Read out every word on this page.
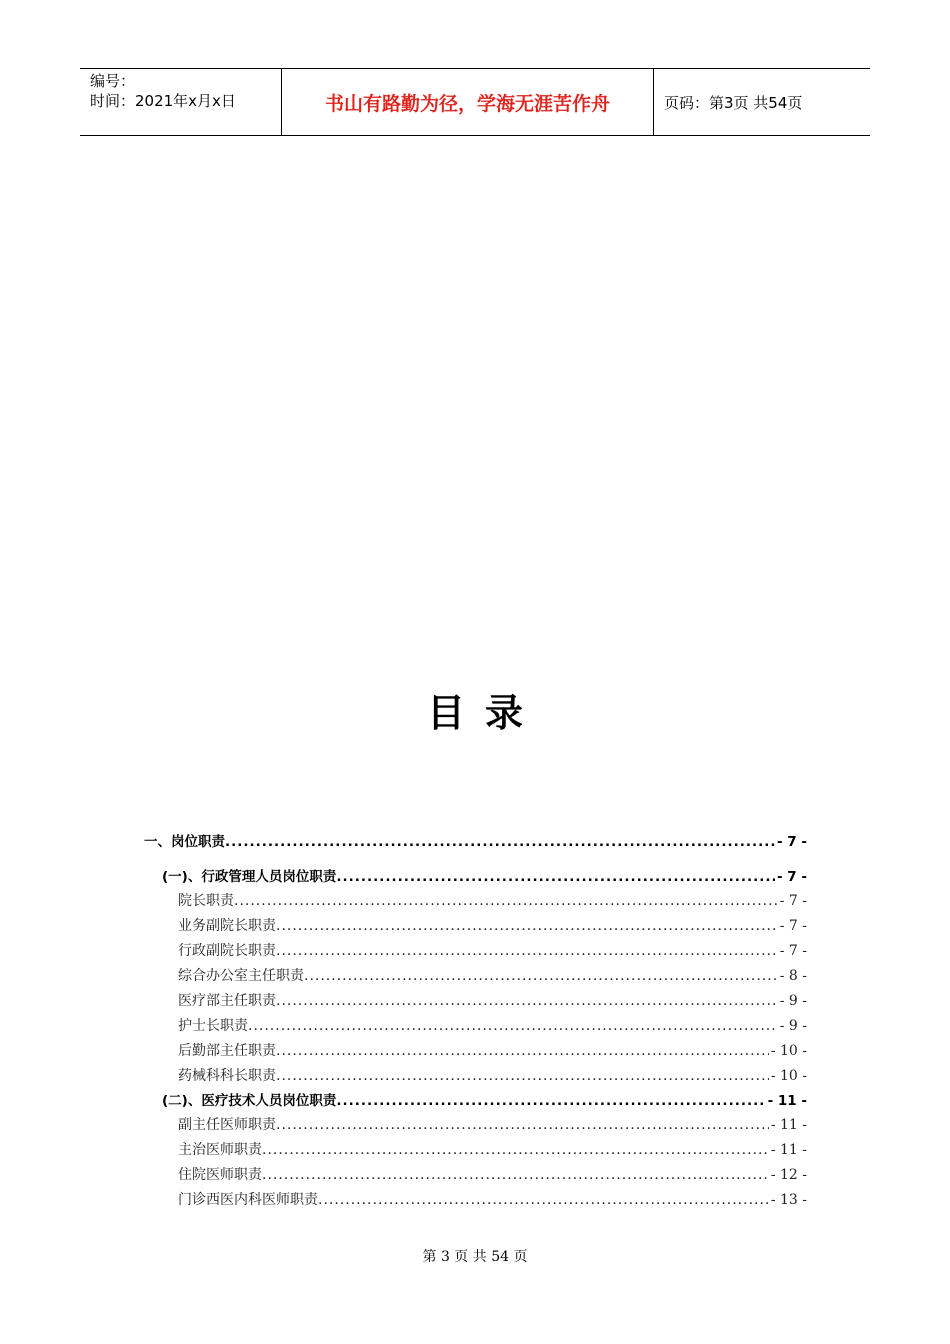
编号：
时间：2021年x月x日	书山有路勤为径，学海无涯苦作舟	页码：第3页 共54页
目录
一、岗位职责 .....	- 7 -
(一)、行政管理人员岗位职责 .....	- 7 -
院长职责 .....	- 7 -
业务副院长职责 .....	- 7 -
行政副院长职责 .....	- 7 -
综合办公室主任职责 .....	- 8 -
医疗部主任职责 .....	- 9 -
护士长职责 .....	- 9 -
后勤部主任职责 .....	- 10 -
药械科科长职责 .....	- 10 -
(二)、医疗技术人员岗位职责 .....	- 11 -
副主任医师职责 .....	- 11 -
主治医师职责 .....	- 11 -
住院医师职责 .....	- 12 -
门诊西医内科医师职责 .....	- 13 -
第 3 页 共 54 页
